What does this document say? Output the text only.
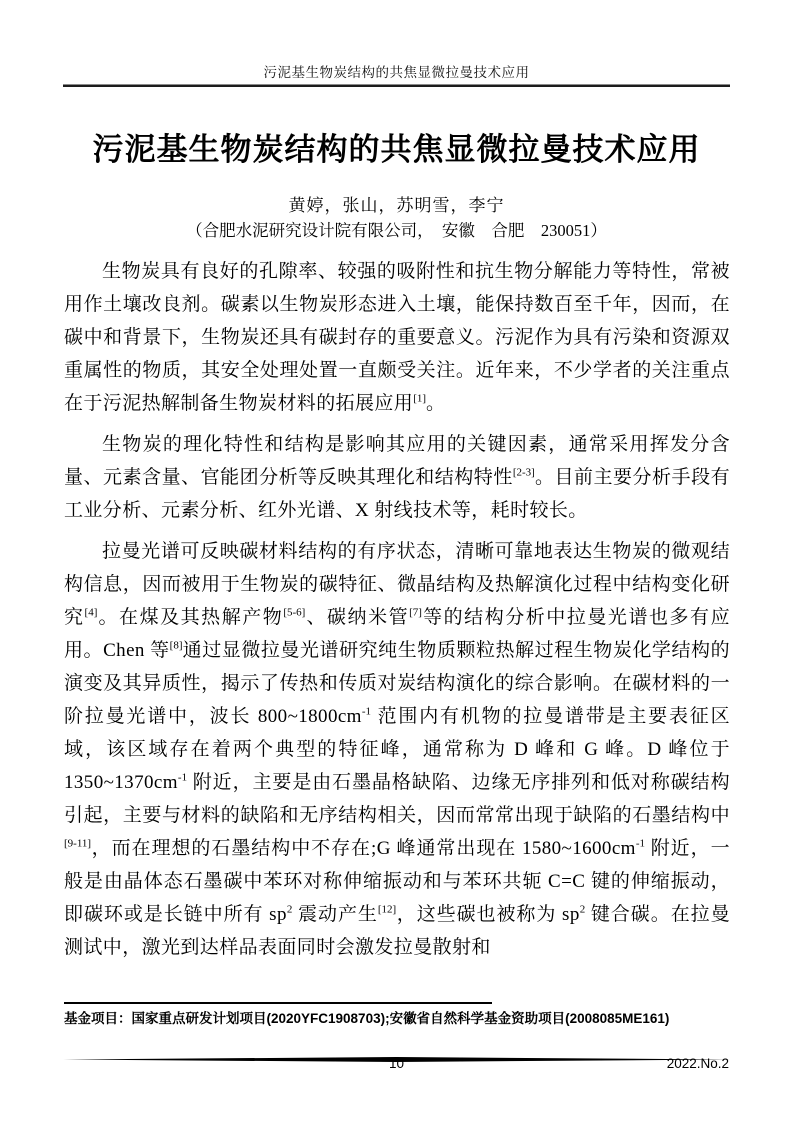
污泥基生物炭结构的共焦显微拉曼技术应用
污泥基生物炭结构的共焦显微拉曼技术应用
黄婷，张山，苏明雪，李宁
（合肥水泥研究设计院有限公司，　安徽　合肥　230051）

生物炭具有良好的孔隙率、较强的吸附性和抗生物分解能力等特性，常被用作土壤改良剂。碳素以生物炭形态进入土壤，能保持数百至千年，因而，在碳中和背景下，生物炭还具有碳封存的重要意义。污泥作为具有污染和资源双重属性的物质，其安全处理处置一直颇受关注。近年来，不少学者的关注重点在于污泥热解制备生物炭材料的拓展应用[1]。

生物炭的理化特性和结构是影响其应用的关键因素，通常采用挥发分含量、元素含量、官能团分析等反映其理化和结构特性[2-3]。目前主要分析手段有工业分析、元素分析、红外光谱、X 射线技术等，耗时较长。

拉曼光谱可反映碳材料结构的有序状态，清晰可靠地表达生物炭的微观结构信息，因而被用于生物炭的碳特征、微晶结构及热解演化过程中结构变化研究[4]。在煤及其热解产物[5-6]、碳纳米管[7]等的结构分析中拉曼光谱也多有应用。Chen 等[8]通过显微拉曼光谱研究纯生物质颗粒热解过程生物炭化学结构的演变及其异质性，揭示了传热和传质对炭结构演化的综合影响。在碳材料的一阶拉曼光谱中，波长 $800\sim 1800cm^{-1}$ 范围内有机物的拉曼谱带是主要表征区域，该区域存在着两个典型的特征峰，通常称为 D 峰和 G 峰。D 峰位于 $1350\sim 1370cm^{-1}$ 附近，主要是由石墨晶格缺陷、边缘无序排列和低对称碳结构引起，主要与材料的缺陷和无序结构相关，因而常常出现于缺陷的石墨结构中[9-11]，而在理想的石墨结构中不存在;G 峰通常出现在 $1580\sim 1600cm^{-1}$ 附近，一般是由晶体态石墨碳中苯环对称伸缩振动和与苯环共轭 C=C 键的伸缩振动，即碳环或是长链中所有 $sp^2$ 震动产生[12]，这些碳也被称为 $sp^2$ 键合碳。在拉曼测试中，激光到达样品表面同时会激发拉曼散射和

基金项目：国家重点研发计划项目(2020YFC1908703);安徽省自然科学基金资助项目(2008085ME161)
10	2022.No.2
